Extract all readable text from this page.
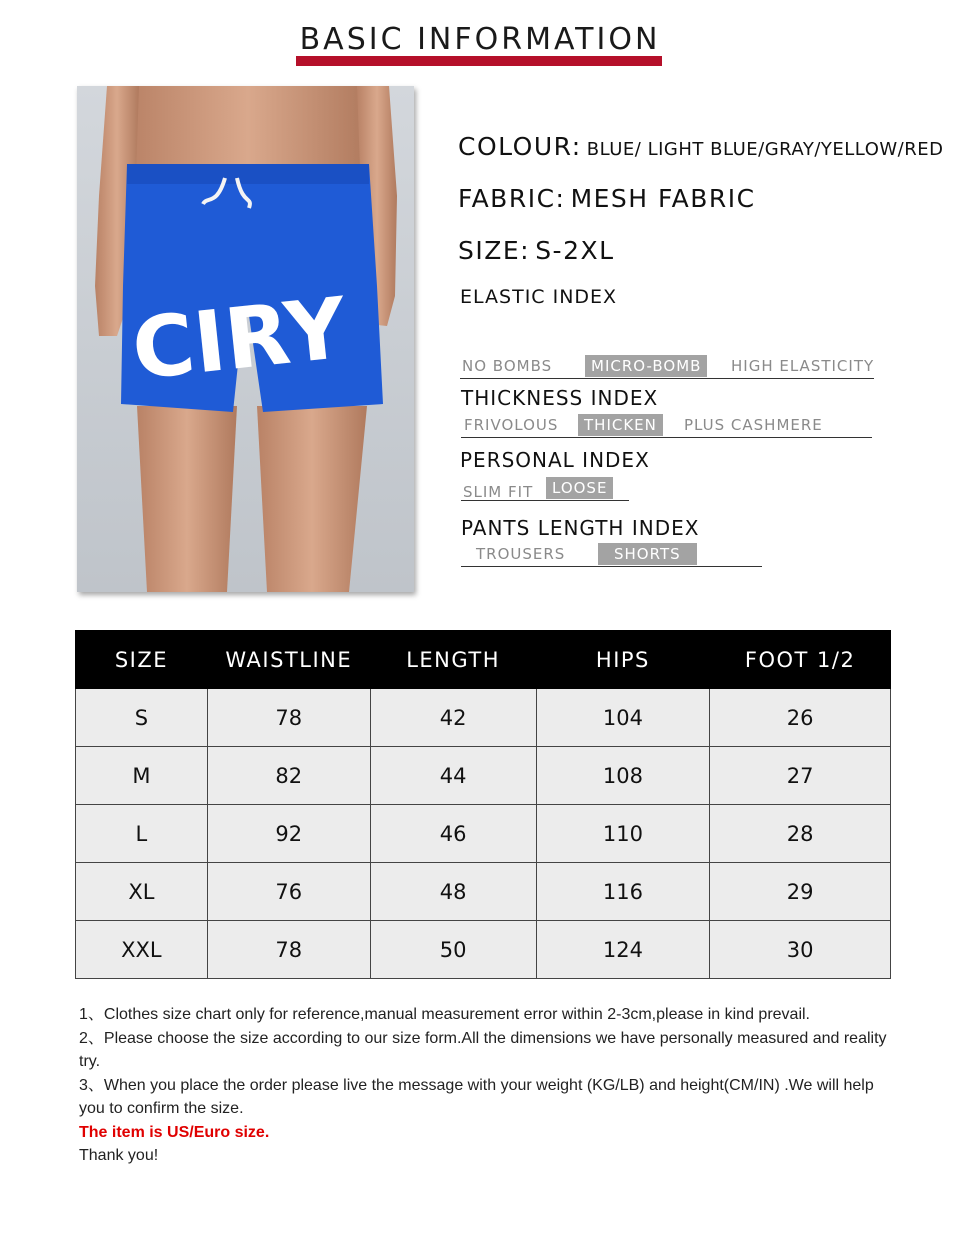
BASIC INFORMATION
CIRY
COLOUR: BLUE/ LIGHT BLUE/GRAY/YELLOW/RED
FABRIC: MESH FABRIC
SIZE: S-2XL
ELASTIC INDEX
NO BOMBS	MICRO-BOMB	HIGH ELASTICITY
THICKNESS INDEX
FRIVOLOUS	THICKEN	PLUS CASHMERE
PERSONAL INDEX
SLIM FIT	LOOSE
PANTS LENGTH INDEX
TROUSERS	SHORTS
SIZE	WAISTLINE	LENGTH	HIPS	FOOT 1/2
S	78	42	104	26
M	82	44	108	27
L	92	46	110	28
XL	76	48	116	29
XXL	78	50	124	30
1、Clothes size chart only for reference,manual measurement error within 2-3cm,please in kind prevail.
2、Please choose the size according to our size form.All the dimensions we have personally measured and reality try.
3、When you place the order please live the message with your weight (KG/LB) and height(CM/IN) .We will help you to confirm the size.
The item is US/Euro size.
Thank you!
